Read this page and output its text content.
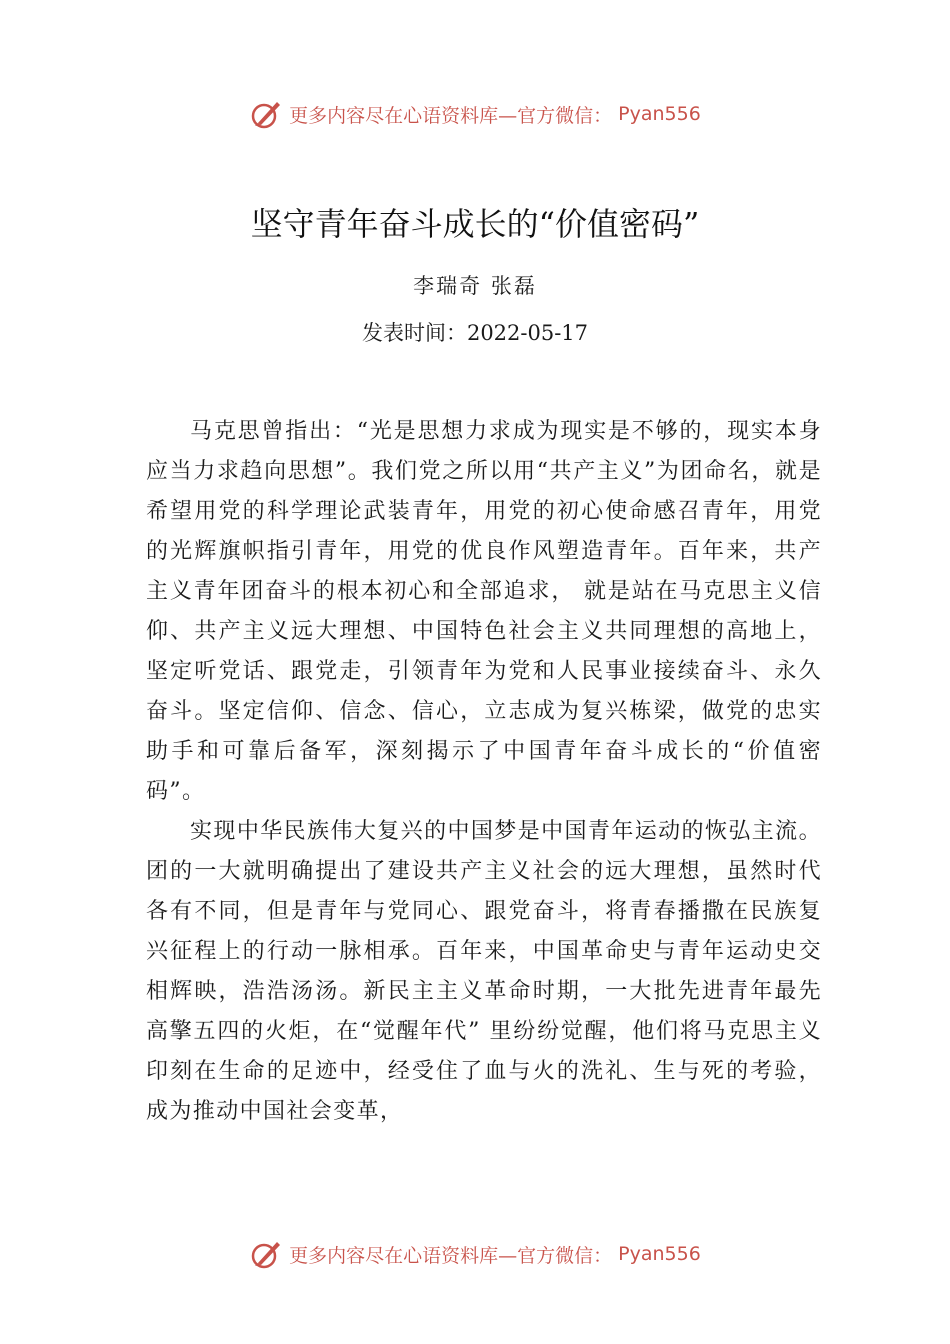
更多内容尽在心语资料库—官方微信： Pyan556
坚守青年奋斗成长的“价值密码”
李瑞奇 张磊
发表时间：2022-05-17

马克思曾指出：“光是思想力求成为现实是不够的，现实本身应当力求趋向思想”。我们党之所以用“共产主义”为团命名，就是希望用党的科学理论武装青年，用党的初心使命感召青年，用党的光辉旗帜指引青年，用党的优良作风塑造青年。百年来，共产主义青年团奋斗的根本初心和全部追求， 就是站在马克思主义信仰、共产主义远大理想、中国特色社会主义共同理想的高地上，坚定听党话、跟党走，引领青年为党和人民事业接续奋斗、永久奋斗。坚定信仰、信念、信心，立志成为复兴栋梁，做党的忠实助手和可靠后备军，深刻揭示了中国青年奋斗成长的“价值密码”。

实现中华民族伟大复兴的中国梦是中国青年运动的恢弘主流。团的一大就明确提出了建设共产主义社会的远大理想，虽然时代各有不同，但是青年与党同心、跟党奋斗，将青春播撒在民族复兴征程上的行动一脉相承。百年来，中国革命史与青年运动史交相辉映，浩浩汤汤。新民主主义革命时期，一大批先进青年最先高擎五四的火炬，在“觉醒年代” 里纷纷觉醒，他们将马克思主义印刻在生命的足迹中，经受住了血与火的洗礼、生与死的考验，成为推动中国社会变革，

更多内容尽在心语资料库—官方微信： Pyan556
